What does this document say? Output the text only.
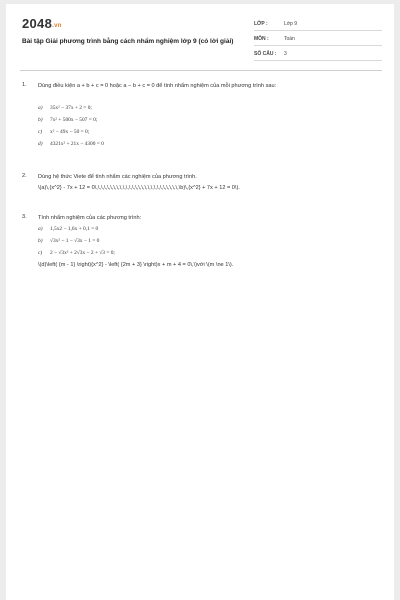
2048.vn
Bài tập Giải phương trình bằng cách nhẩm nghiệm lớp 9 (có lời giải)
LỚP :	Lớp 9
MÔN :	Toán
SỐ CÂU : 3
1. Dùng điều kiện a + b + c = 0 hoặc a − b + c = 0 để tính nhẩm nghiệm của mỗi phương trình sau:
a) 35x² − 37x + 2 = 0;
b) 7x² + 500x − 507 = 0;
c) x² − 49x − 50 = 0;
d) 4321x² + 21x − 4300 = 0
2. Dùng hệ thức Viete để tính nhẩm các nghiệm của phương trình.
\(a)\,{x^2} - 7x + 12 = 0\,\,\,\,\,\,\,\,\,\,\,\,\,\,\,\,\,\,\,\,\,\,\,\,\,\,\,\b)\,{x^2} + 7x + 12 = 0\).
3. Tính nhẩm nghiệm của các phương trình:
a) 1,5x2 − 1,6x + 0,1 = 0
b) √3x² − 1 − √3x − 1 = 0
c) 2 − √3x² + 2√3x − 2 + √3 = 0;
\(d)\left( {m - 1} \right){x^2} - \left( {2m + 3} \right)x + m + 4 = 0\,\)với \(m \ne 1\).
